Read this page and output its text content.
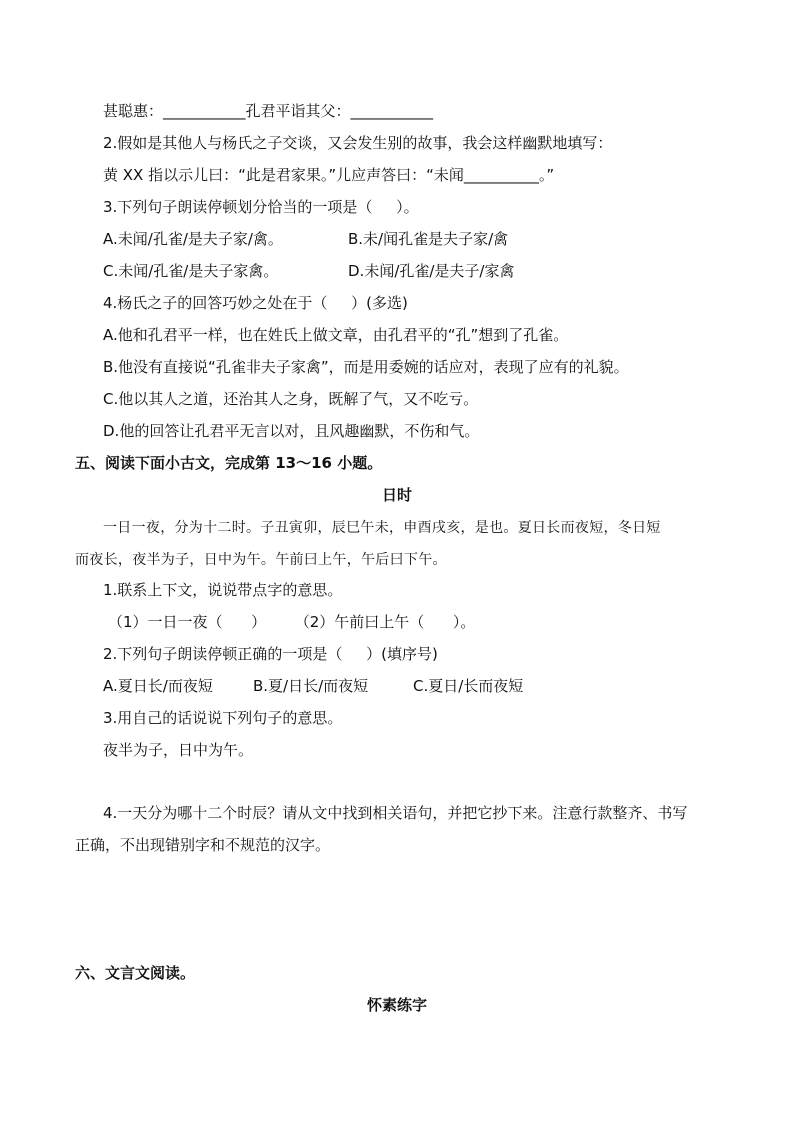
甚聪惠：___________孔君平诣其父：___________
2.假如是其他人与杨氏之子交谈，又会发生别的故事，我会这样幽默地填写：
黄 XX 指以示儿曰：“此是君家果。”儿应声答曰：“未闻__________。”
3.下列句子朗读停顿划分恰当的一项是（     ）。
A.未闻/孔雀/是夫子家/禽。	B.未/闻孔雀是夫子家/禽
C.未闻/孔雀/是夫子家禽。	D.未闻/孔雀/是夫子/家禽
4.杨氏之子的回答巧妙之处在于（     ）(多选)
A.他和孔君平一样，也在姓氏上做文章，由孔君平的“孔”想到了孔雀。
B.他没有直接说“孔雀非夫子家禽”，而是用委婉的话应对，表现了应有的礼貌。
C.他以其人之道，还治其人之身，既解了气，又不吃亏。
D.他的回答让孔君平无言以对，且风趣幽默，不伤和气。
五、阅读下面小古文，完成第 13～16 小题。
日时
一日一夜，分为十二时。子丑寅卯，辰巳午未，申酉戌亥，是也。夏日长而夜短，冬日短
而夜长，夜半为子，日中为午。午前曰上午，午后曰下午。
1.联系上下文，说说带点字的意思。
（1）一日一夜（      ）      （2）午前曰上午（      ）。
2.下列句子朗读停顿正确的一项是（     ）(填序号)
A.夏日长/而夜短	B.夏/日长/而夜短	C.夏日/长而夜短
3.用自己的话说说下列句子的意思。
夜半为子，日中为午。
4.一天分为哪十二个时辰？请从文中找到相关语句，并把它抄下来。注意行款整齐、书写
正确，不出现错别字和不规范的汉字。
六、文言文阅读。
怀素练字
